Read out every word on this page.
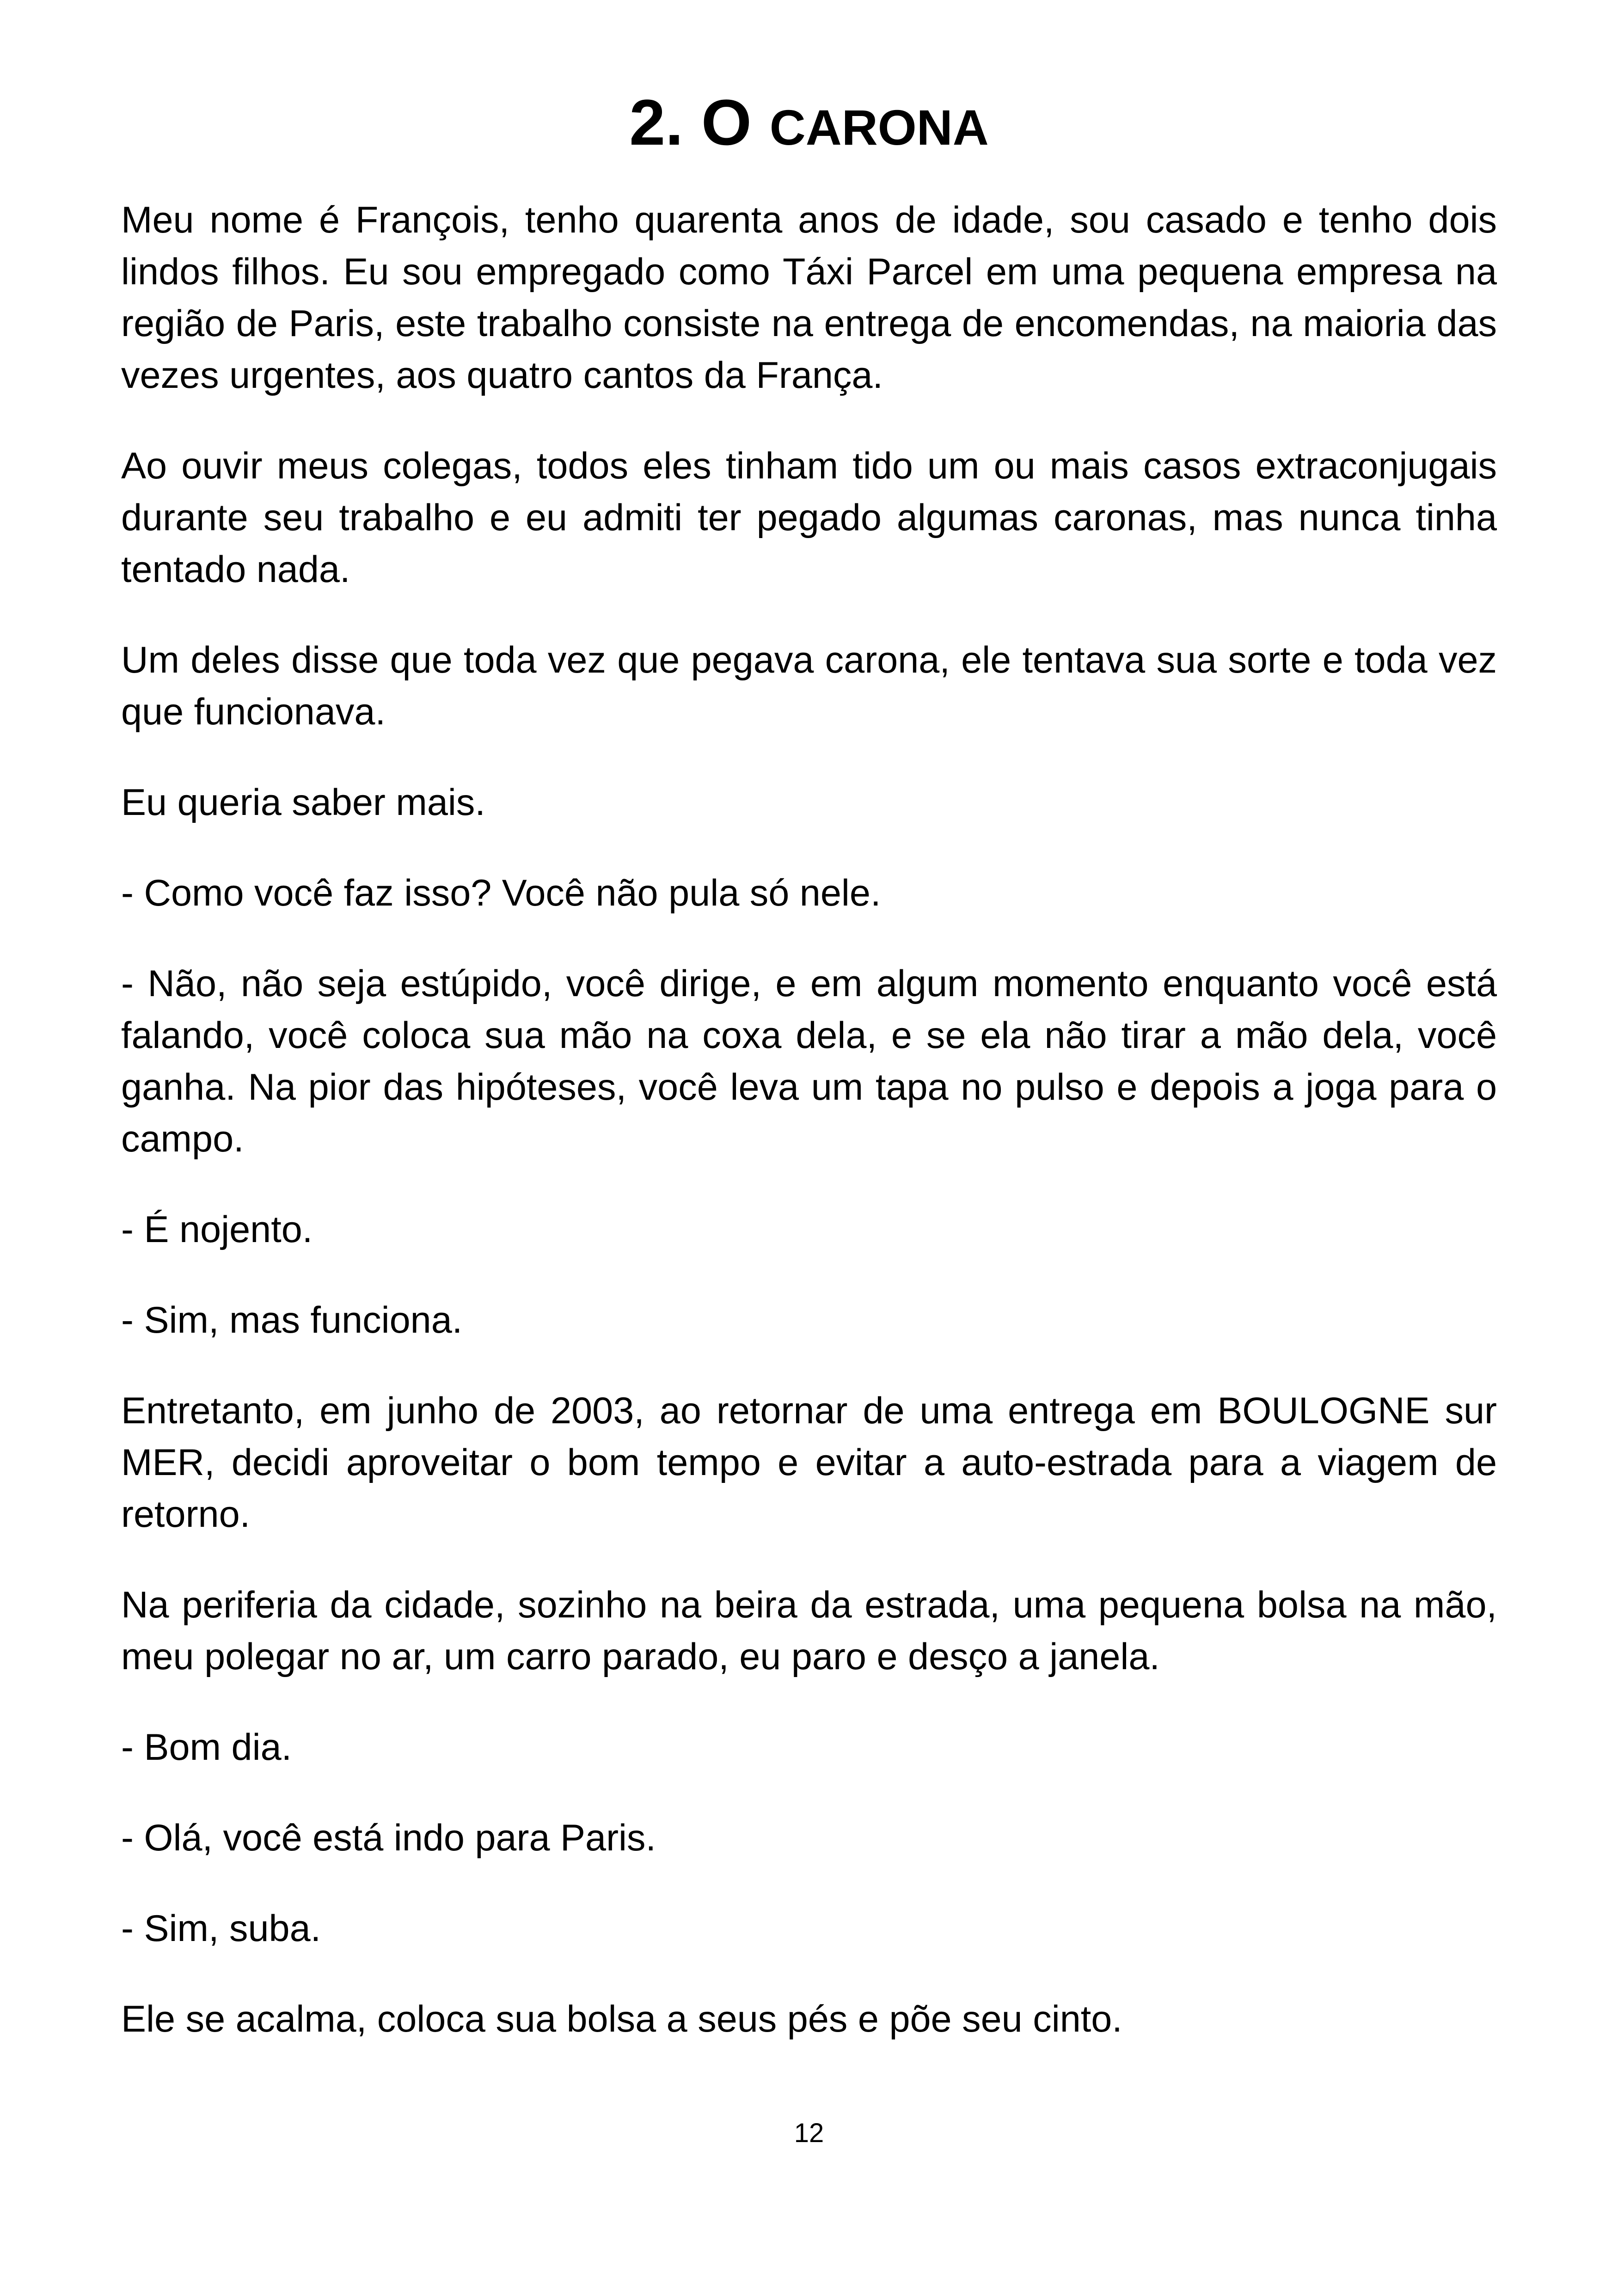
2. O CARONA

Meu nome é François, tenho quarenta anos de idade, sou casado e tenho dois lindos filhos. Eu sou empregado como Táxi Parcel em uma pequena empresa na região de Paris, este trabalho consiste na entrega de encomendas, na maioria das vezes urgentes, aos quatro cantos da França.

Ao ouvir meus colegas, todos eles tinham tido um ou mais casos extraconjugais durante seu trabalho e eu admiti ter pegado algumas caronas, mas nunca tinha tentado nada.

Um deles disse que toda vez que pegava carona, ele tentava sua sorte e toda vez que funcionava.

Eu queria saber mais.

- Como você faz isso? Você não pula só nele.

- Não, não seja estúpido, você dirige, e em algum momento enquanto você está falando, você coloca sua mão na coxa dela, e se ela não tirar a mão dela, você ganha. Na pior das hipóteses, você leva um tapa no pulso e depois a joga para o campo.

- É nojento.

- Sim, mas funciona.

Entretanto, em junho de 2003, ao retornar de uma entrega em BOULOGNE sur MER, decidi aproveitar o bom tempo e evitar a auto-estrada para a viagem de retorno.

Na periferia da cidade, sozinho na beira da estrada, uma pequena bolsa na mão, meu polegar no ar, um carro parado, eu paro e desço a janela.

- Bom dia.

- Olá, você está indo para Paris.

- Sim, suba.

Ele se acalma, coloca sua bolsa a seus pés e põe seu cinto.

12
